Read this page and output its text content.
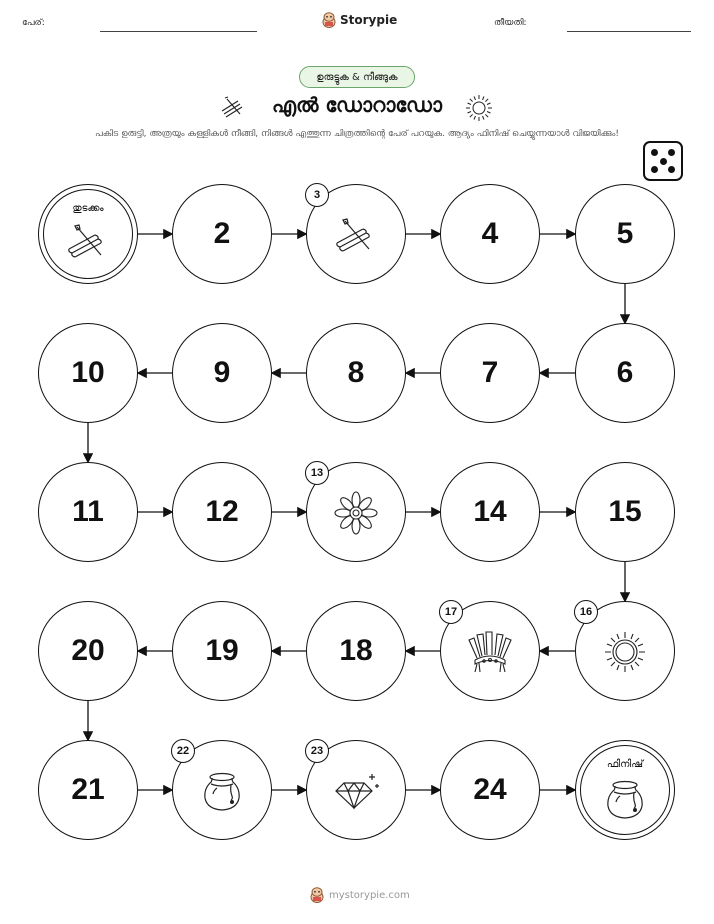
പേര്:	Storypie	തീയതി:
ഉരുട്ടുക & നീങ്ങുക
എൽ ഡോറാഡോ
പകിട ഉരുട്ടി, അത്രയും കള്ളികൾ നീങ്ങി, നിങ്ങൾ എത്തുന്ന ചിത്രത്തിന്റെ പേര് പറയുക. ആദ്യം ഫിനിഷ് ചെയ്യുന്നയാൾ വിജയിക്കും!
തുടക്കം
2
3
4	5
6
7
8
9
10
11	12
13
14	15
16
17
18
19
20
21
22	23
24
ഫിനിഷ്
mystorypie.com
